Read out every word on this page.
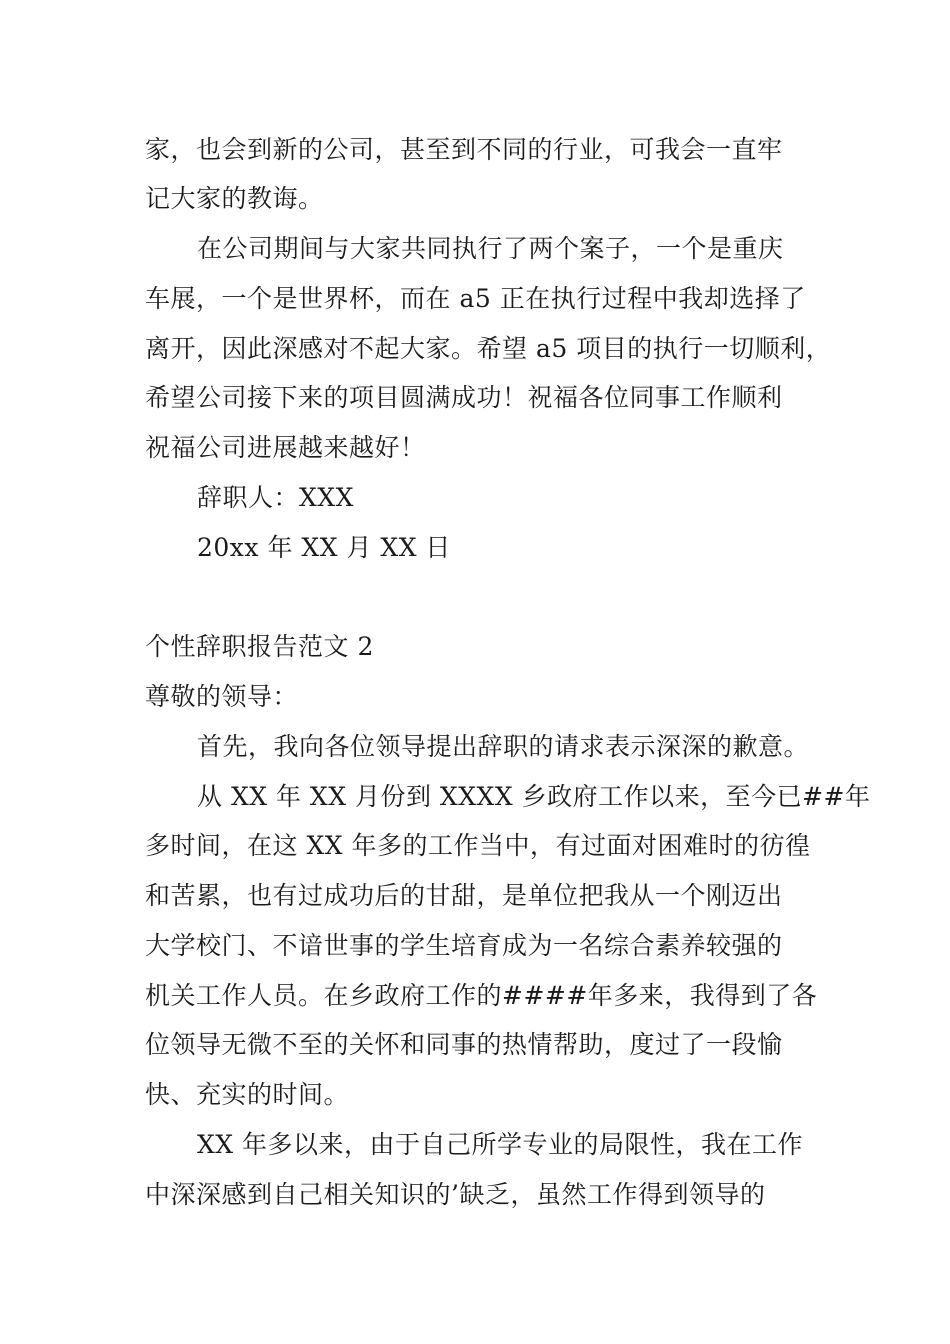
家，也会到新的公司，甚至到不同的行业，可我会一直牢
记大家的教诲。
在公司期间与大家共同执行了两个案子，一个是重庆
车展，一个是世界杯，而在 a5 正在执行过程中我却选择了
离开，因此深感对不起大家。希望 a5 项目的执行一切顺利，
希望公司接下来的项目圆满成功！祝福各位同事工作顺利
祝福公司进展越来越好！
辞职人：XXX
20xx 年 XX 月 XX 日
个性辞职报告范文 2
尊敬的领导：
首先，我向各位领导提出辞职的请求表示深深的歉意。
从 XX 年 XX 月份到 XXXX 乡政府工作以来，至今已##年
多时间，在这 XX 年多的工作当中，有过面对困难时的彷徨
和苦累，也有过成功后的甘甜，是单位把我从一个刚迈出
大学校门、不谙世事的学生培育成为一名综合素养较强的
机关工作人员。在乡政府工作的####年多来，我得到了各
位领导无微不至的关怀和同事的热情帮助，度过了一段愉
快、充实的时间。
XX 年多以来，由于自己所学专业的局限性，我在工作
中深深感到自己相关知识的’缺乏，虽然工作得到领导的
